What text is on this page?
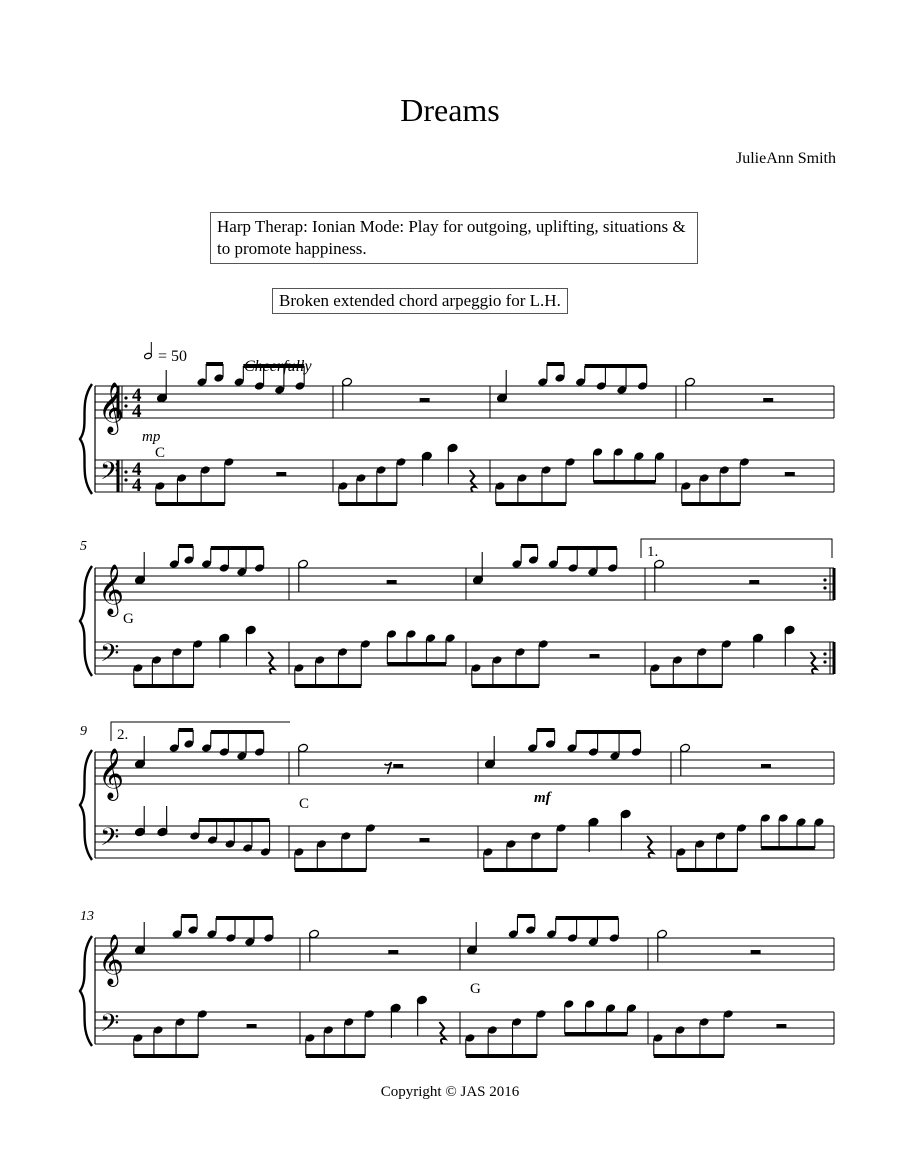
Dreams
JulieAnn Smith
Harp Therap: Ionian Mode: Play for outgoing, uplifting, situations & to promote happiness.
Broken extended chord arpeggio for L.H.
𝄞
𝄢
4
4
4
4
𝄞
𝄢
𝄞
𝄢
𝄞
𝄢
= 50
Cheerfully
mp
mf
C
G
C
G
5
9
13
1.
2.
Copyright © JAS 2016
